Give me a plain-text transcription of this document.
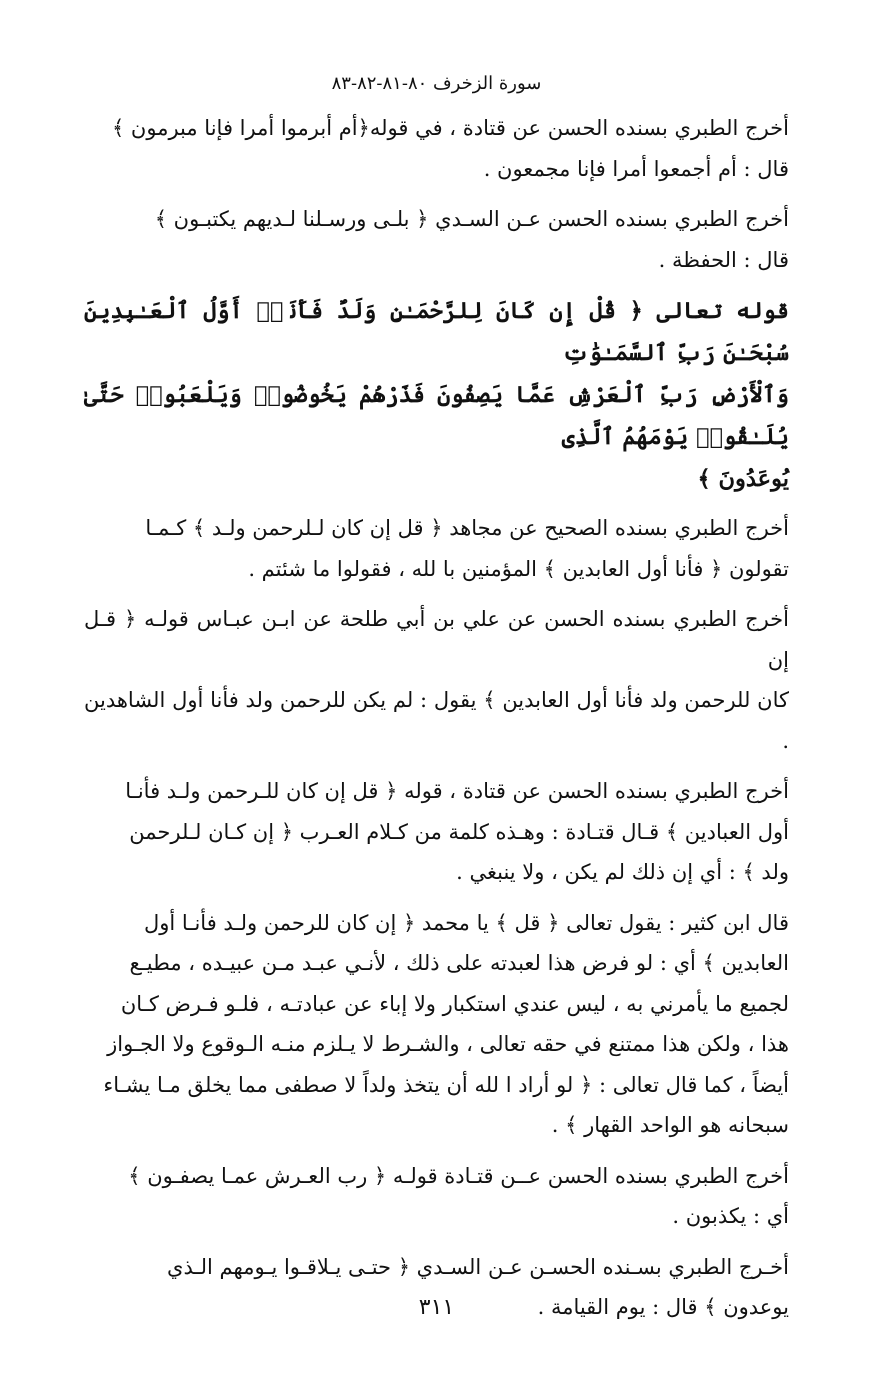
سورة الزخرف ٨٠-٨١-٨٢-٨٣
أخرج الطبري بسنده الحسن عن قتادة ، في قوله﴿أم أبرموا أمرا فإنا مبرمون ﴾
قال : أم أجمعوا أمرا فإنا مجمعون .
أخرج الطبري بسنده الحسن عـن السـدي ﴿ بلـى ورسـلنا لـديهم يكتبـون ﴾
قال : الحفظة .
قوله تعالى ﴿ قُلْ إِن كَانَ لِلرَّحْمَـٰنِ وَلَدٌ فَأَنَا۠ أَوَّلُ ٱلْعَـٰبِدِينَ سُبْحَـٰنَ رَبِّ ٱلسَّمَـٰوَٰتِ
وَٱلْأَرْضِ رَبِّ ٱلْعَرْشِ عَمَّا يَصِفُونَ فَذَرْهُمْ يَخُوضُوا۟ وَيَلْعَبُوا۟ حَتَّىٰ يُلَـٰقُوا۟ يَوْمَهُمُ ٱلَّذِى
يُوعَدُونَ ﴾
أخرج الطبري بسنده الصحيح عن مجاهد ﴿ قل إن كان لـلرحمن ولـد ﴾ كـمـا
تقولون ﴿ فأنا أول العابدين ﴾ المؤمنين با لله ، فقولوا ما شئتم .
أخرج الطبري بسنده الحسن عن علي بن أبي طلحة عن ابـن عبـاس قولـه ﴿ قـل إن
كان للرحمن ولد فأنا أول العابدين ﴾ يقول : لم يكن للرحمن ولد فأنا أول الشاهدين .
أخرج الطبري بسنده الحسن عن قتادة ، قوله ﴿ قل إن كان للـرحمن ولـد فأنـا
أول العبادين ﴾ قـال قتـادة : وهـذه كلمة من كـلام العـرب ﴿ إن كـان لـلرحمن
ولد ﴾ : أي إن ذلك لم يكن ، ولا ينبغي .
قال ابن كثير : يقول تعالى ﴿ قل ﴾ يا محمد ﴿ إن كان للرحمن ولـد فأنـا أول
العابدين ﴾ أي : لو فرض هذا لعبدته على ذلك ، لأنـي عبـد مـن عبيـده ، مطيـع
لجميع ما يأمرني به ، ليس عندي استكبار ولا إباء عن عبادتـه ، فلـو فـرض كـان
هذا ، ولكن هذا ممتنع في حقه تعالى ، والشـرط لا يـلزم منـه الـوقوع ولا الجـواز
أيضاً ، كما قال تعالى : ﴿ لو أراد ا لله أن يتخذ ولداً لا صطفى مما يخلق مـا يشـاء
سبحانه هو الواحد القهار ﴾ .
أخرج الطبري بسنده الحسن عــن قتـادة قولـه ﴿ رب العـرش عمـا يصفـون ﴾
أي : يكذبون .
أخـرج الطبري بسـنده الحسـن عـن السـدي ﴿ حتـى يـلاقـوا يـومهم الـذي
يوعدون ﴾ قال : يوم القيامة .
٣١١
